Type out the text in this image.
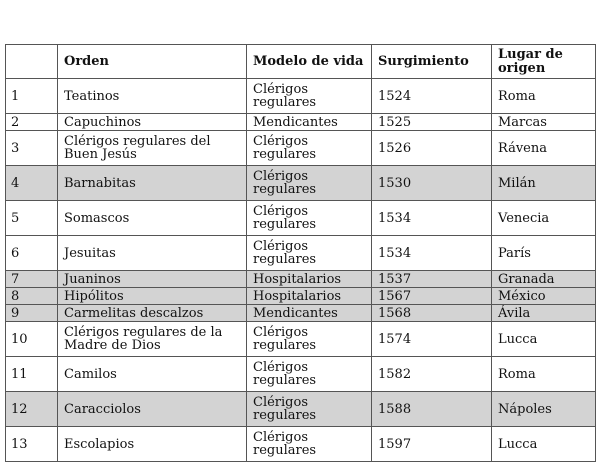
	Orden	Modelo de vida	Surgimiento	Lugar de origen
1	Teatinos	Clérigos regulares	1524	Roma
2	Capuchinos	Mendicantes	1525	Marcas
3	Clérigos regulares del Buen Jesús	Clérigos regulares	1526	Rávena
4	Barnabitas	Clérigos regulares	1530	Milán
5	Somascos	Clérigos regulares	1534	Venecia
6	Jesuitas	Clérigos regulares	1534	París
7	Juaninos	Hospitalarios	1537	Granada
8	Hipólitos	Hospitalarios	1567	México
9	Carmelitas descalzos	Mendicantes	1568	Ávila
10	Clérigos regulares de la Madre de Dios	Clérigos regulares	1574	Lucca
11	Camilos	Clérigos regulares	1582	Roma
12	Caracciolos	Clérigos regulares	1588	Nápoles
13	Escolapios	Clérigos regulares	1597	Lucca
